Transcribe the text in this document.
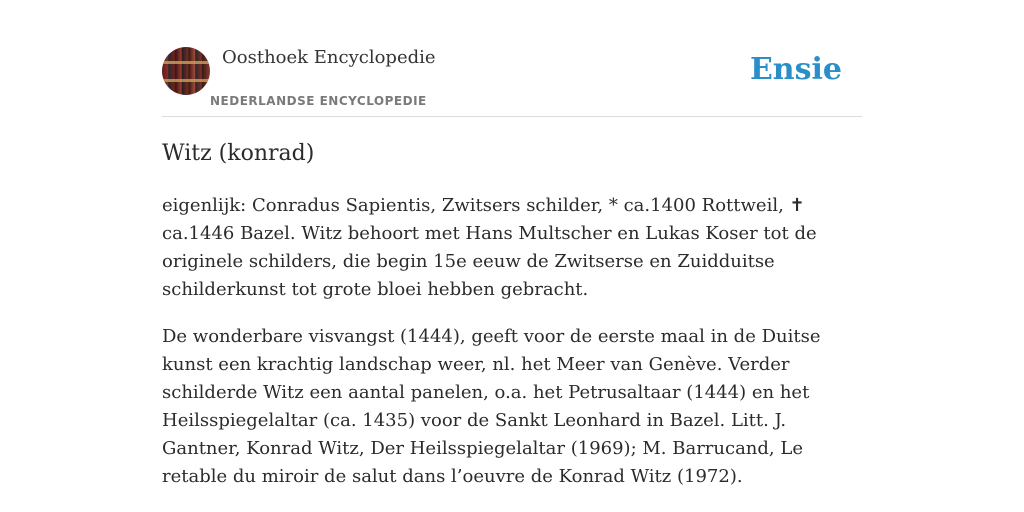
Oosthoek Encyclopedie
NEDERLANDSE ENCYCLOPEDIE
Ensie
Witz (konrad)

eigenlijk: Conradus Sapientis, Zwitsers schilder, * ca.1400 Rottweil, ✝ ca.1446 Bazel. Witz behoort met Hans Multscher en Lukas Koser tot de originele schilders, die begin 15e eeuw de Zwitserse en Zuidduitse schilderkunst tot grote bloei hebben gebracht.

De wonderbare visvangst (1444), geeft voor de eerste maal in de Duitse kunst een krachtig landschap weer, nl. het Meer van Genève. Verder schilderde Witz een aantal panelen, o.a. het Petrusaltaar (1444) en het Heilsspiegelaltar (ca. 1435) voor de Sankt Leonhard in Bazel. Litt. J. Gantner, Konrad Witz, Der Heilsspiegelaltar (1969); M. Barrucand, Le retable du miroir de salut dans l’oeuvre de Konrad Witz (1972).
